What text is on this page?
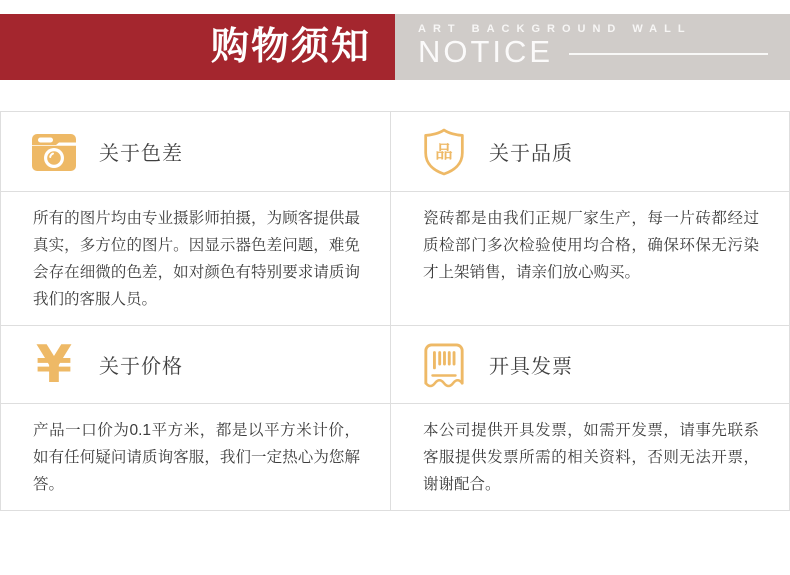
购物须知	ART BACKGROUND WALL
NOTICE
关于色差
所有的图片均由专业摄影师拍摄，为顾客提供最真实，多方位的图片。因显示器色差问题，难免会存在细微的色差，如对颜色有特别要求请质询我们的客服人员。
¥ 关于价格
产品一口价为0.1平方米，都是以平方米计价，如有任何疑问请质询客服，我们一定热心为您解答。
品 关于品质
瓷砖都是由我们正规厂家生产，每一片砖都经过质检部门多次检验使用均合格，确保环保无污染才上架销售，请亲们放心购买。
开具发票
本公司提供开具发票，如需开发票，请事先联系客服提供发票所需的相关资料，否则无法开票，谢谢配合。
